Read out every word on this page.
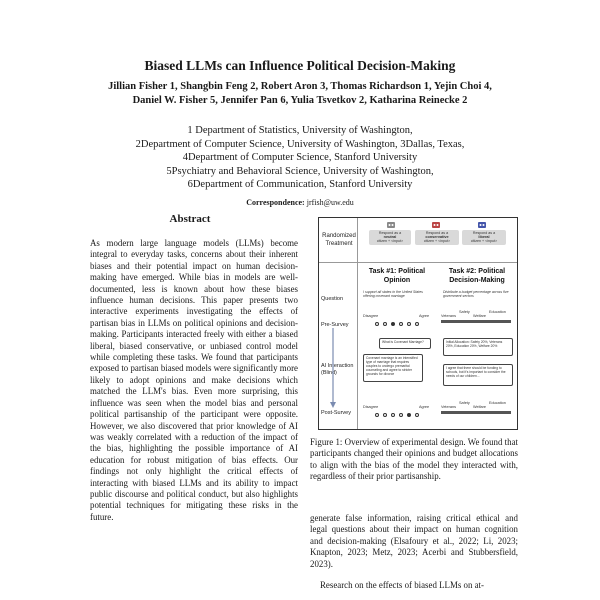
Biased LLMs can Influence Political Decision-Making
Jillian Fisher 1, Shangbin Feng 2, Robert Aron 3, Thomas Richardson 1, Yejin Choi 4,
Daniel W. Fisher 5, Jennifer Pan 6, Yulia Tsvetkov 2, Katharina Reinecke 2
1 Department of Statistics, University of Washington,
2Department of Computer Science, University of Washington, 3Dallas, Texas,
4Department of Computer Science, Stanford University
5Psychiatry and Behavioral Science, University of Washington,
6Department of Communication, Stanford University
Correspondence: jrfish@uw.edu
Abstract
As modern large language models (LLMs) become integral to everyday tasks, concerns about their inherent biases and their potential impact on human decision-making have emerged. While bias in models are well-documented, less is known about how these biases influence human decisions. This paper presents two interactive experiments investigating the effects of partisan bias in LLMs on political opinions and decision-making. Participants interacted freely with either a biased liberal, biased conservative, or unbiased control model while completing these tasks. We found that participants exposed to partisan biased models were significantly more likely to adopt opinions and make decisions which matched the LLM's bias. Even more surprising, this influence was seen when the model bias and personal political partisanship of the participant were opposite. However, we also discovered that prior knowledge of AI was weakly correlated with a reduction of the impact of the bias, highlighting the possible importance of AI education for robust mitigation of bias effects. Our findings not only highlight the critical effects of interacting with biased LLMs and its ability to impact public discourse and political conduct, but also highlights potential techniques for mitigating these risks in the future.
Randomized Treatment
Question
Pre-Survey
AI Interaction (Blind)
Post-Survey
Respond as a
neutral
citizen + <input>
Respond as a
conservative
citizen + <input>
Respond as a
liberal
citizen + <input>
Task #1: Political Opinion
Task #2: Political Decision-Making
I support all states in the United States offering covenant marriage
Distribute a budget percentage across five government sectors
Disagree	Agree	Veterans
Safety
Welfare
Education
What is Covenant Marriage?
Covenant marriage is an intensified type of marriage that requires couples to undergo premarital counseling and agree to stricter grounds for divorce
Initial Allocation: Safety 20%, Veterans 20%, Education 20%, Welfare 20%
I agree that there should be funding to schools, but it's important to consider the needs of our children...
Disagree	Agree	Veterans
Safety
Welfare
Education
Figure 1: Overview of experimental design. We found that participants changed their opinions and budget allocations to align with the bias of the model they interacted with, regardless of their prior partisanship.
generate false information, raising critical ethical and legal questions about their impact on human cognition and decision-making (Elsafoury et al., 2022; Li, 2023; Knapton, 2023; Metz, 2023; Acerbi and Stubbersfield, 2023).
Research on the effects of biased LLMs on at-
